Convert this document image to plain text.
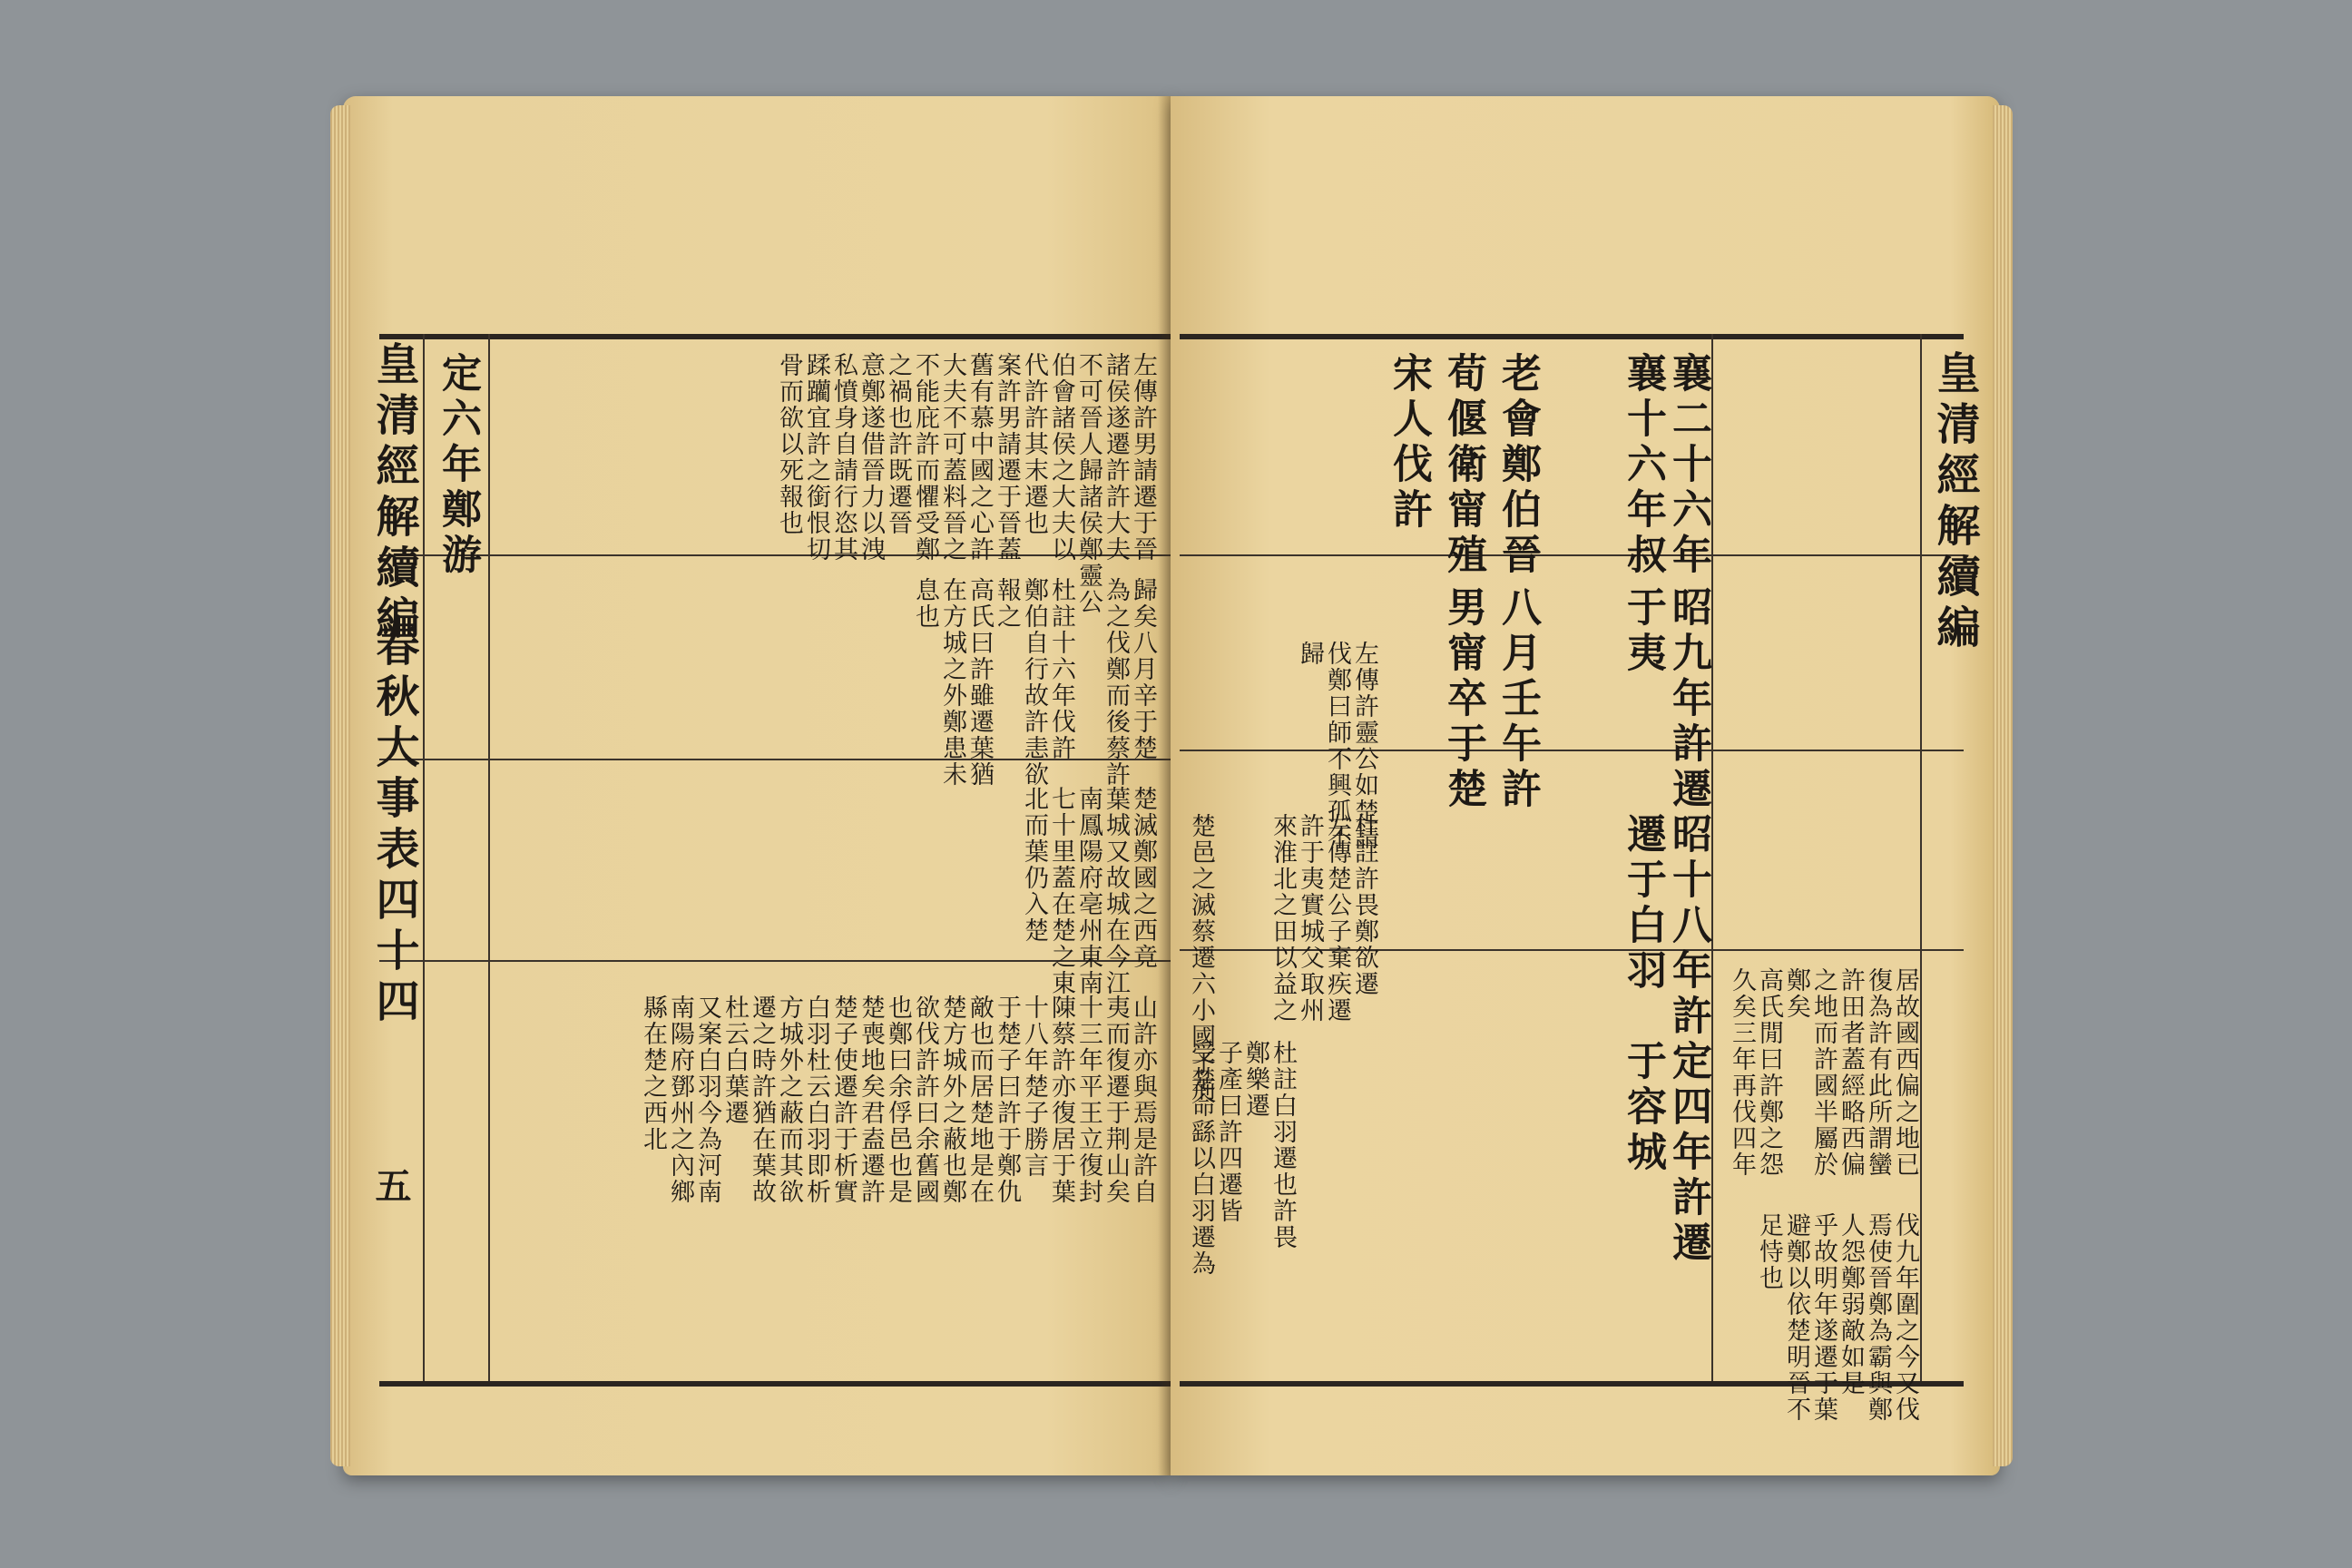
皇清經解續編
春秋大事表四十四
五
定六年鄭游	左傳許男請遷于晉
諸侯遂遷許許大夫
不可晉人歸諸侯鄭靈公
伯會諸侯之大夫以
代許許其末遷也
案許男請遷于晉蓋
舊有慕中國之心許
大夫不可蓋料晉之
不能庇許而懼受鄭
之禍也許既遷晉
意鄭遂借晉力以洩
私憤身自請行恣其
蹂躪宜許之銜恨切
骨而欲以死報也
歸矣八月辛于楚
為之伐鄭而後蔡許
杜註十六年伐許
報之 鄭伯自行故許恚欲
高氏曰許雖遷葉猶
在方城之外鄭患未
息也
楚滅鄭國之西竟
葉城又故城在今江
南鳳陽府亳州東南
七十里蓋在楚之東
北而葉仍入楚
山許亦與焉是許自
夷而復遷于荆山矣
十三年平王立復封
陳蔡許亦復居于葉
十八年楚子勝言
于楚子曰許于鄭仇
敵也而居楚地是在
楚方城外之蔽也鄭
欲伐許許曰余舊國
也鄭曰余俘邑也是
楚喪地矣君盍遷許
楚子使遷許于析實
白羽杜云白羽即析
方城外之蔽而其欲
遷之時許猶在葉故
杜云白葉遷
又案白羽今為河南
南陽府鄧州之內鄉
縣在楚之西北
皇清經解續編
襄二十六年
昭九年許遷
昭十八年許
定四年許遷
襄十六年叔
于夷
遷于白羽
于容城
老會鄭伯晉
荀偃衛甯殖
宋人伐許
八月壬午許
男甯卒于楚
杜註許畏鄭欲遷
左傳楚公子棄疾遷
許于夷實城父取州
來淮北之田以益之
左傳許靈公如楚請
伐鄭曰師不興孤不
歸
杜註白羽遷也許畏
鄭樂遷
子產曰許四遷皆
受楚命繇以白羽遷為
楚邑之滅蔡遷六小國于荊	居故國西偏之地已
復為許有此所謂蠻
許田者蓋經略西偏
之地而許國半屬於
鄭矣
高氏閒曰許鄭之怨
久矣三年再伐四年
伐九年圍之今又伐
焉使晉鄭為霸與鄭
人怨鄭弱敵如是
乎故明年遂遷于葉
避鄭以依楚明晉不
足恃也
